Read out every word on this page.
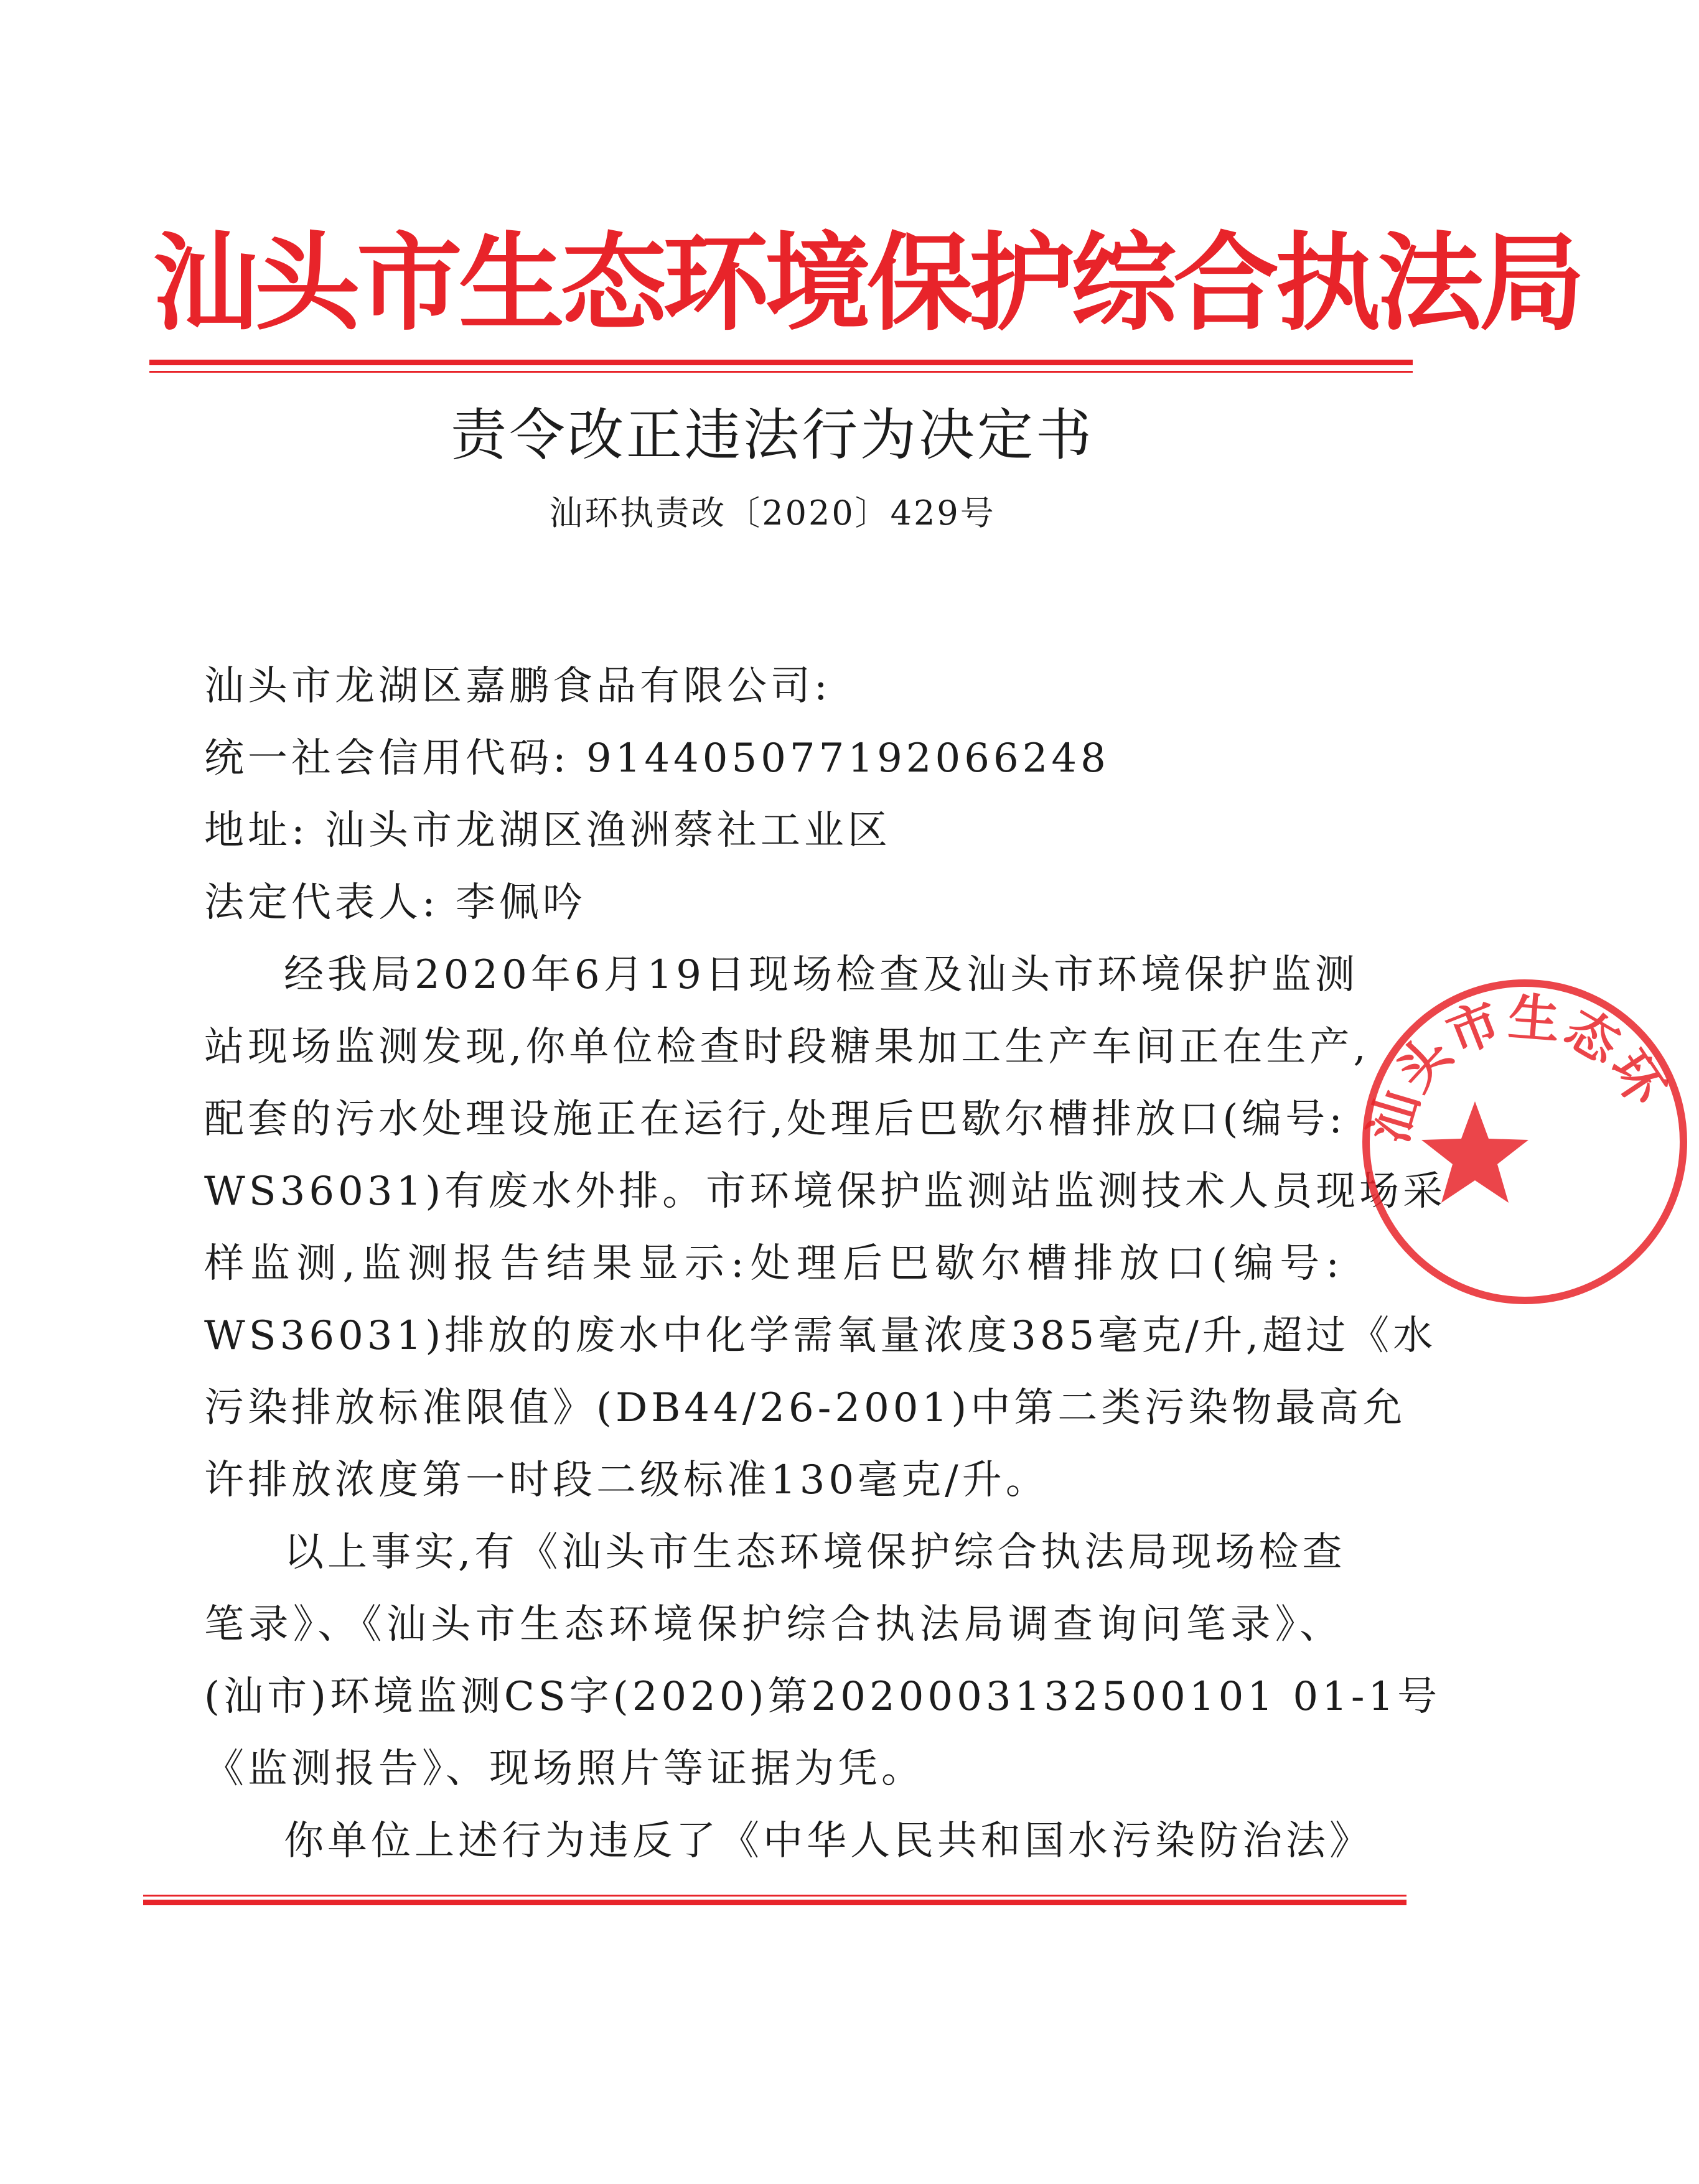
汕头市生态环境保护综合执法局
责令改正违法行为决定书
汕环执责改〔2020〕429号
汕头市龙湖区嘉鹏食品有限公司:
统一社会信用代码: 914405077192066248
地址: 汕头市龙湖区渔洲蔡社工业区
法定代表人: 李佩吟
经我局2020年6月19日现场检查及汕头市环境保护监测
站现场监测发现,你单位检查时段糖果加工生产车间正在生产,
配套的污水处理设施正在运行,处理后巴歇尔槽排放口(编号:
WS36031)有废水外排。市环境保护监测站监测技术人员现场采
样监测,监测报告结果显示:处理后巴歇尔槽排放口(编号:
WS36031)排放的废水中化学需氧量浓度385毫克/升,超过《水
污染排放标准限值》(DB44/26-2001)中第二类污染物最高允
许排放浓度第一时段二级标准130毫克/升。
以上事实,有《汕头市生态环境保护综合执法局现场检查
笔录》、《汕头市生态环境保护综合执法局调查询问笔录》、
(汕市)环境监测CS字(2020)第2020003132500101 01-1号
《监测报告》、现场照片等证据为凭。
你单位上述行为违反了《中华人民共和国水污染防治法》
汕头市生态环
